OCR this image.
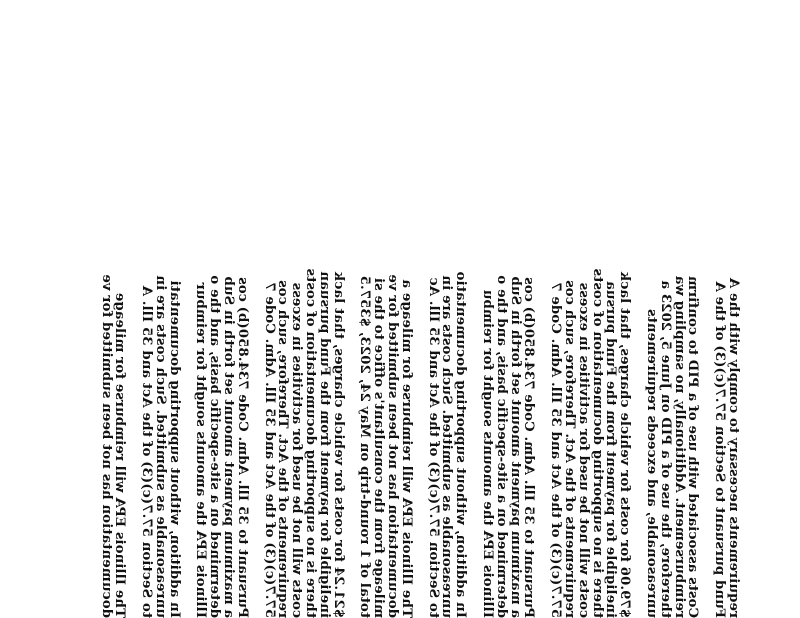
requirements necessary to comply with the A
Fund pursuant to Section 57.7(c)(3) of the A
Costs associated with use of a PID to confirm
reimbursement. Additionally, no sampling wa
therefore, the use of a PID on June 5, 2023 a
unreasonable, and exceeds requirements
$79.06 for costs for vehicle charges, that lack
ineligible for payment from the Fund pursua
there is no supporting documentation of costs
costs will not be used for activities in excess
requirements of the Act. Therefore, such cos
57.7(c)(3) of the Act and 35 Ill. Adm. Code 7
Pursuant to 35 Ill. Adm. Code 734.850(b) cos
a maximum payment amount set forth in Sub
determined on a site-specific basis, and the o
Illinois EPA the amounts sought for reimbu
In addition, without supporting documentatio
unreasonable as submitted. Such costs are in
to Section 57.7(c)(3) of the Act and 35 Ill. Ac
The Illinois EPA will reimburse for mileage a
documentation has not been submitted for ve
mileage from the consultant's office to the si
total of 1 round-trip on May 24, 2023, $357.5
$21.24 for costs for vehicle charges, that lack
ineligible for payment from the Fund pursuan
there is no supporting documentation of costs
costs will not be used for activities in excess
requirements of the Act. Therefore, such cos
57.7(c)(3) of the Act and 35 Ill. Adm. Code 7
Pursuant to 35 Ill. Adm. Code 734.850(b) cos
a maximum payment amount set forth in Sub
determined on a site-specific basis, and the o
Illinois EPA the amounts sought for reimbur
In addition, without supporting documentati
unreasonable as submitted. Such costs are in
to Section 57.7(c)(3) of the Act and 35 Ill. A
The Illinois EPA will reimburse for mileage
documentation has not been submitted for ve
